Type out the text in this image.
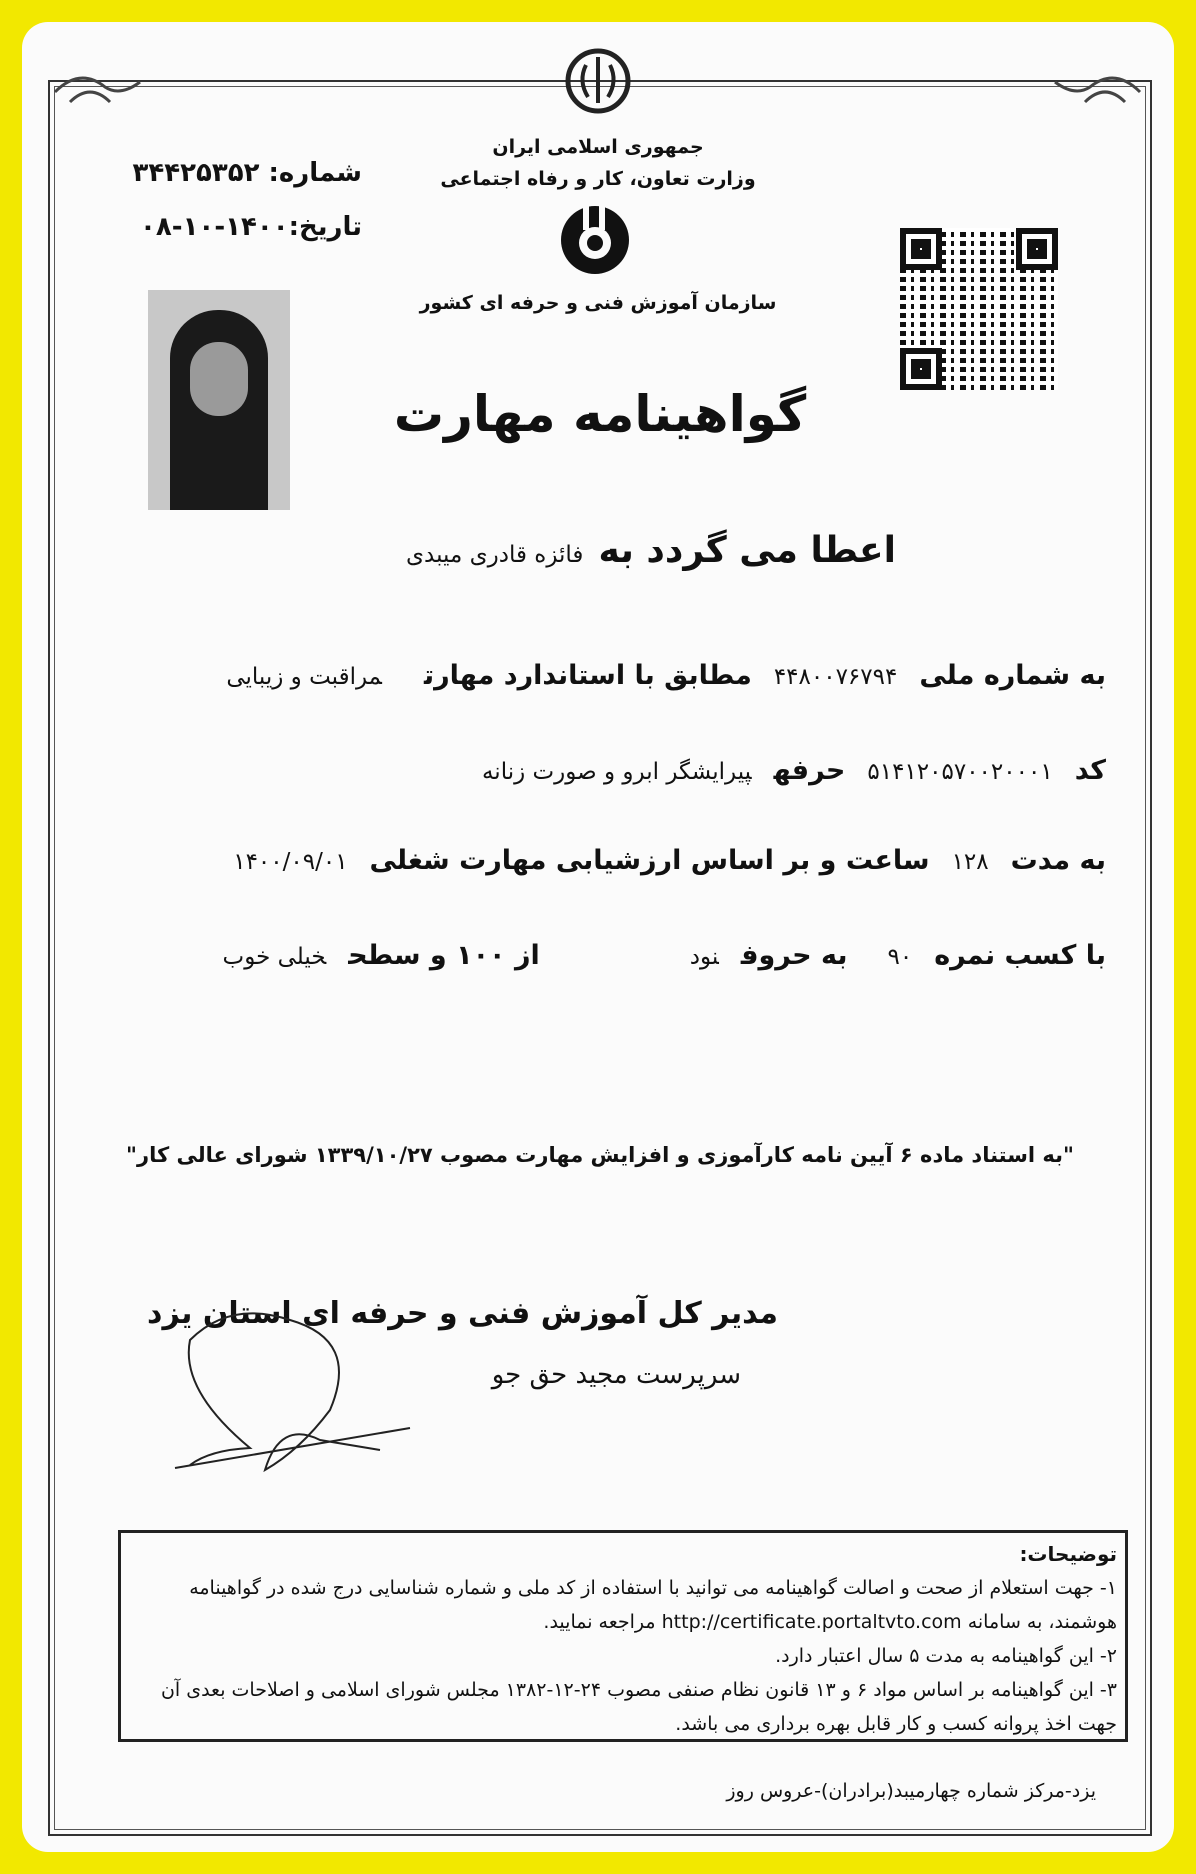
جمهوری اسلامی ایران
وزارت تعاون، کار و رفاه اجتماعی
سازمان آموزش فنی و حرفه ای کشور
شماره: ۳۴۴۲۵۳۵۲
تاریخ:۱۴۰۰-۱۰-۰۸
گواهینامه مهارت
اعطا می گردد به فائزه قادری میبدی
به شماره ملی۴۴۸۰۰۷۶۷۹۴مطابق با استاندارد مهارتمراقبت و زیبایی
کد۵۱۴۱۲۰۵۷۰۰۲۰۰۰۱حرفهپیرایشگر ابرو و صورت زنانه
به مدت۱۲۸ساعت و بر اساس ارزشیابی مهارت شغلی۱۴۰۰/۰۹/۰۱
با کسب نمره۹۰به حروفنوداز ۱۰۰ و سطحخیلی خوب
"به استناد ماده ۶ آیین نامه کارآموزی و افزایش مهارت مصوب ۱۳۳۹/۱۰/۲۷ شورای عالی کار"
مدیر کل آموزش فنی و حرفه ای استان یزد
سرپرست مجید حق جو
توضیحات:
۱- جهت استعلام از صحت و اصالت گواهینامه می توانید با استفاده از کد ملی و شماره شناسایی درج شده در گواهینامه هوشمند، به سامانه http://certificate.portaltvto.com مراجعه نمایید.
۲- این گواهینامه به مدت ۵ سال اعتبار دارد.
۳- این گواهینامه بر اساس مواد ۶ و ۱۳ قانون نظام صنفی مصوب ۲۴-۱۲-۱۳۸۲ مجلس شورای اسلامی و اصلاحات بعدی آن جهت اخذ پروانه کسب و کار قابل بهره برداری می باشد.
یزد-مرکز شماره چهارمیبد(برادران)-عروس روز
